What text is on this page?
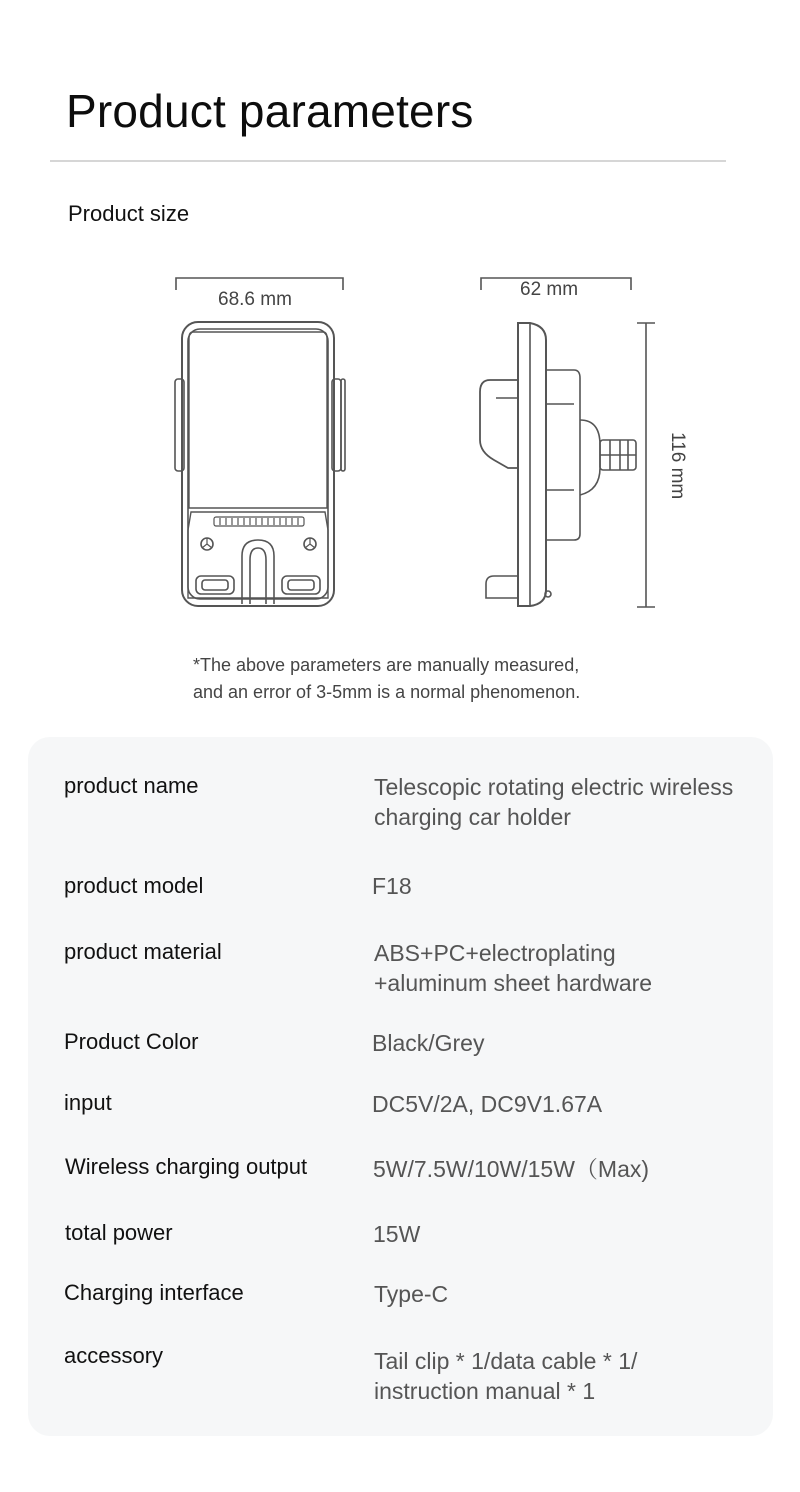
Product parameters
Product size
68.6 mm	62 mm
116 mm
*The above parameters are manually measured,
and an error of 3-5mm is a normal phenomenon.
product name	Telescopic rotating electric wireless
charging car holder
product model	F18
product material	ABS+PC+electroplating
+aluminum sheet hardware
Product Color	Black/Grey
input	DC5V/2A, DC9V1.67A
Wireless charging output	5W/7.5W/10W/15W（Max)
total power	15W
Charging interface	Type-C
accessory	Tail clip * 1/data cable * 1/
instruction manual * 1
